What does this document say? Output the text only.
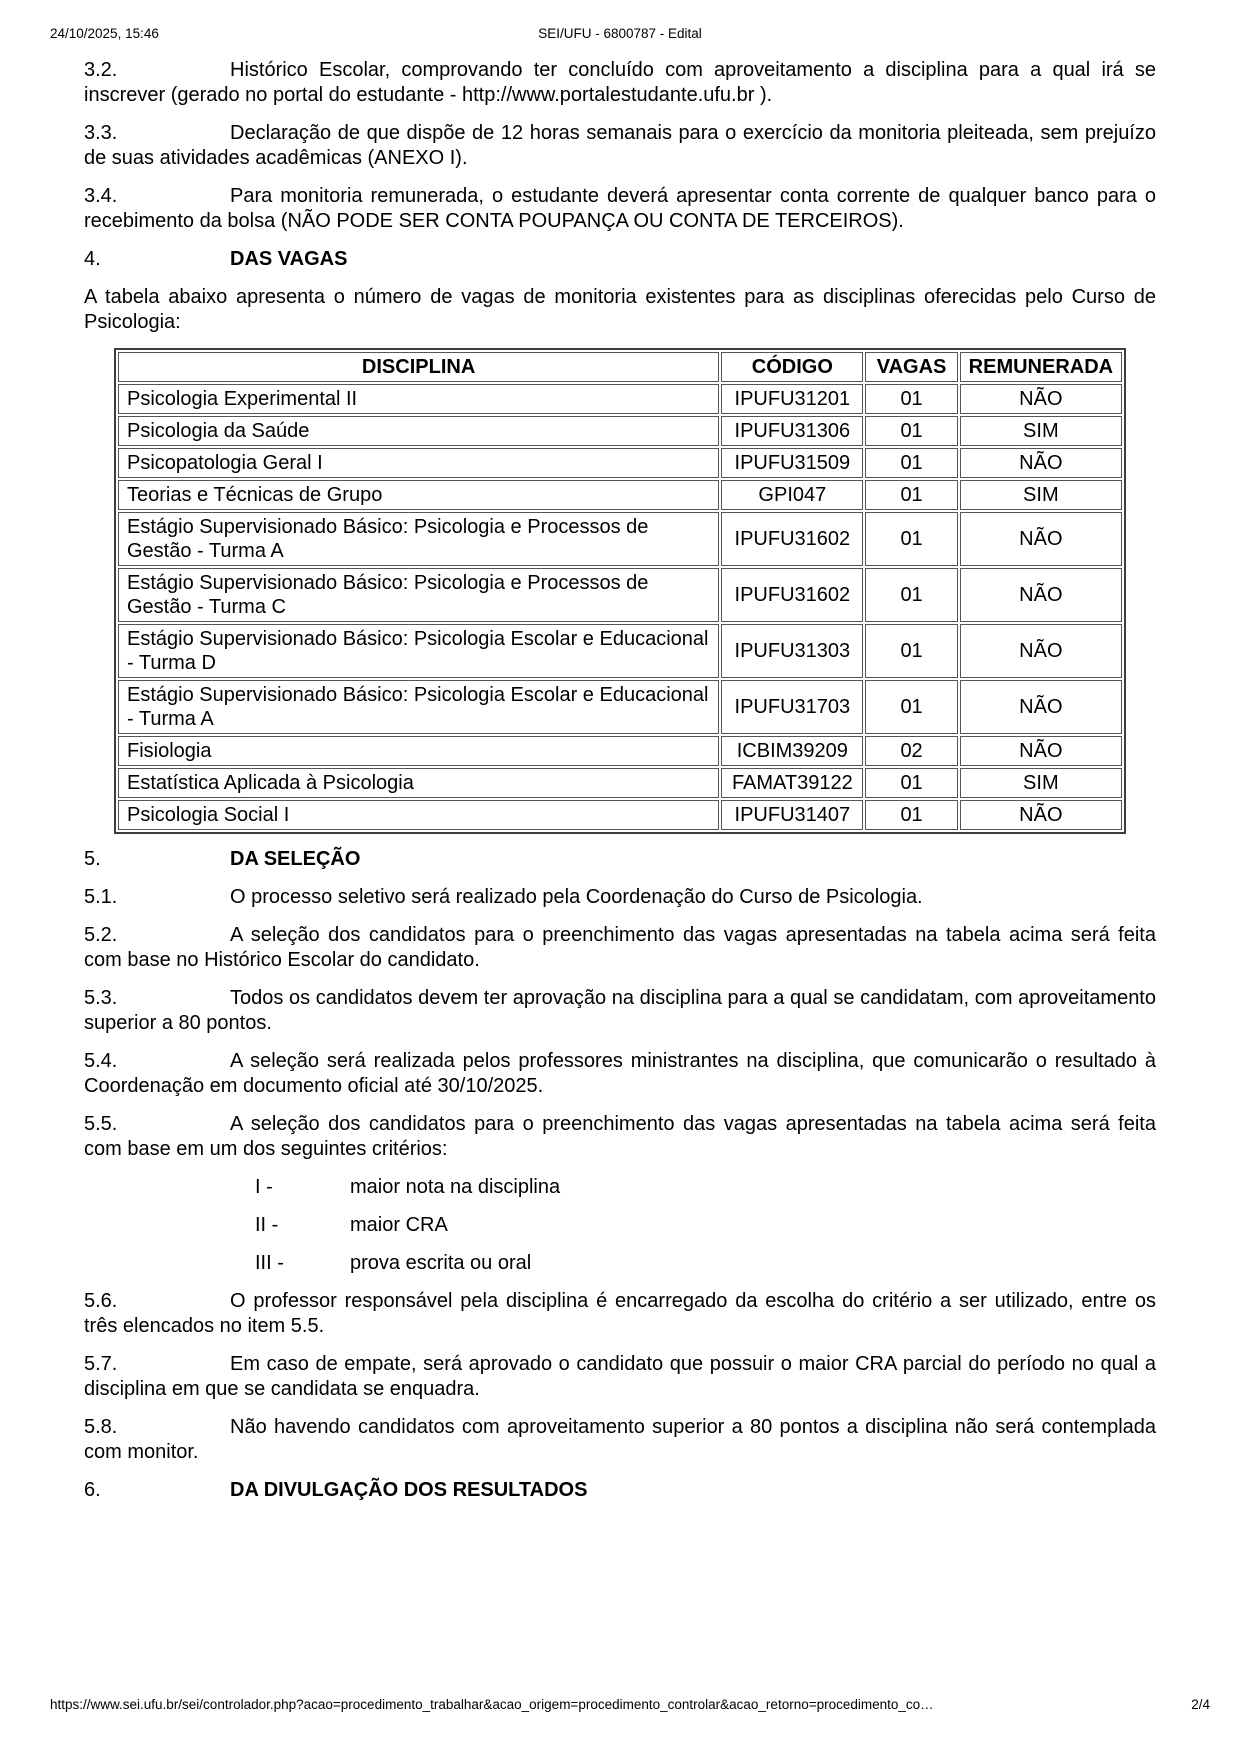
24/10/2025, 15:46	SEI/UFU - 6800787 - Edital

3.2.	Histórico Escolar, comprovando ter concluído com aproveitamento a disciplina para a qual irá se inscrever (gerado no portal do estudante - http://www.portalestudante.ufu.br ).

3.3.	Declaração de que dispõe de 12 horas semanais para o exercício da monitoria pleiteada, sem prejuízo de suas atividades acadêmicas (ANEXO I).

3.4.	Para monitoria remunerada, o estudante deverá apresentar conta corrente de qualquer banco para o recebimento da bolsa (NÃO PODE SER CONTA POUPANÇA OU CONTA DE TERCEIROS).

4.	DAS VAGAS

A tabela abaixo apresenta o número de vagas de monitoria existentes para as disciplinas oferecidas pelo Curso de Psicologia:

DISCIPLINA	CÓDIGO	VAGAS	REMUNERADA
Psicologia Experimental II	IPUFU31201	01	NÃO
Psicologia da Saúde	IPUFU31306	01	SIM
Psicopatologia Geral I	IPUFU31509	01	NÃO
Teorias e Técnicas de Grupo	GPI047	01	SIM
Estágio Supervisionado Básico: Psicologia e Processos de Gestão - Turma A	IPUFU31602	01	NÃO
Estágio Supervisionado Básico: Psicologia e Processos de Gestão - Turma C	IPUFU31602	01	NÃO
Estágio Supervisionado Básico: Psicologia Escolar e Educacional - Turma D	IPUFU31303	01	NÃO
Estágio Supervisionado Básico: Psicologia Escolar e Educacional - Turma A	IPUFU31703	01	NÃO
Fisiologia	ICBIM39209	02	NÃO
Estatística Aplicada à Psicologia	FAMAT39122	01	SIM
Psicologia Social I	IPUFU31407	01	NÃO

5.	DA SELEÇÃO

5.1.	O processo seletivo será realizado pela Coordenação do Curso de Psicologia.

5.2.	A seleção dos candidatos para o preenchimento das vagas apresentadas na tabela acima será feita com base no Histórico Escolar do candidato.

5.3.	Todos os candidatos devem ter aprovação na disciplina para a qual se candidatam, com aproveitamento superior a 80 pontos.

5.4.	A seleção será realizada pelos professores ministrantes na disciplina, que comunicarão o resultado à Coordenação em documento oficial até 30/10/2025.

5.5.	A seleção dos candidatos para o preenchimento das vagas apresentadas na tabela acima será feita com base em um dos seguintes critérios:

I -	maior nota na disciplina

II -	maior CRA

III -	prova escrita ou oral

5.6.	O professor responsável pela disciplina é encarregado da escolha do critério a ser utilizado, entre os três elencados no item 5.5.

5.7.	Em caso de empate, será aprovado o candidato que possuir o maior CRA parcial do período no qual a disciplina em que se candidata se enquadra.

5.8.	Não havendo candidatos com aproveitamento superior a 80 pontos a disciplina não será contemplada com monitor.

6.	DA DIVULGAÇÃO DOS RESULTADOS

https://www.sei.ufu.br/sei/controlador.php?acao=procedimento_trabalhar&acao_origem=procedimento_controlar&acao_retorno=procedimento_co…	2/4
